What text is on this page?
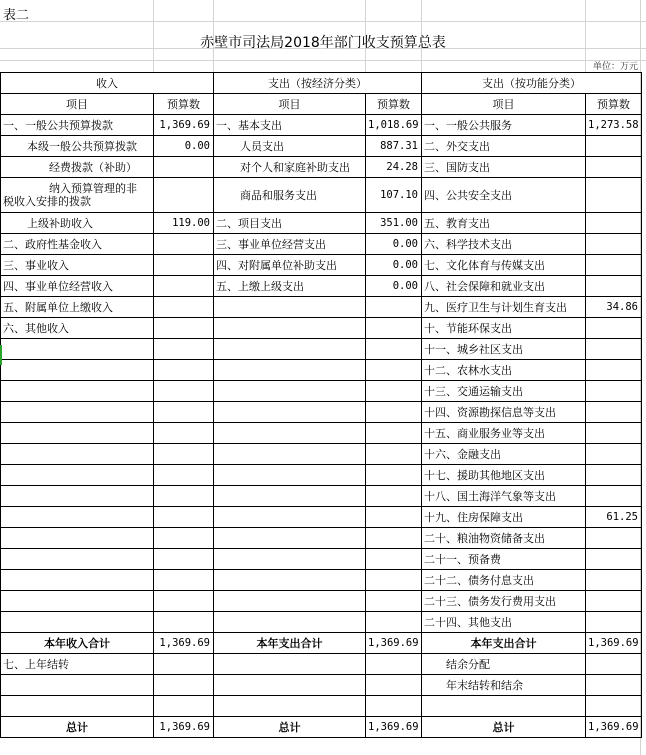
表二
赤壁市司法局2018年部门收支预算总表
单位：万元
收入		支出（按经济分类）		支出（按功能分类）	
项目	预算数	项目	预算数	项目	预算数
一、一般公共预算拨款	1,369.69	一、基本支出	1,018.69	一、一般公共服务	1,273.58
本级一般公共预算拨款	0.00	人员支出	887.31	二、外交支出	
经费拨款（补助）		对个人和家庭补助支出	24.28	三、国防支出	

纳入预算管理的非
税收入安排的拨款		商品和服务支出	107.10	四、公共安全支出	
上级补助收入	119.00	二、项目支出	351.00	五、教育支出	
二、政府性基金收入		三、事业单位经营支出	0.00	六、科学技术支出	
三、事业收入		四、对附属单位补助支出	0.00	七、文化体育与传媒支出	
四、事业单位经营收入		五、上缴上级支出	0.00	八、社会保障和就业支出	
五、附属单位上缴收入				九、医疗卫生与计划生育支出	34.86
六、其他收入				十、节能环保支出	
				十一、城乡社区支出	
				十二、农林水支出	
				十三、交通运输支出	
				十四、资源勘探信息等支出	
				十五、商业服务业等支出	
				十六、金融支出	
				十七、援助其他地区支出	
				十八、国土海洋气象等支出	
				十九、住房保障支出	61.25
				二十、粮油物资储备支出	
				二十一、预备费	
				二十二、债务付息支出	
				二十三、债务发行费用支出	
				二十四、其他支出	
本年收入合计	1,369.69	本年支出合计	1,369.69	本年支出合计	1,369.69
七、上年结转				结余分配	
				年末结转和结余	

总计	1,369.69	总计	1,369.69	总计	1,369.69
